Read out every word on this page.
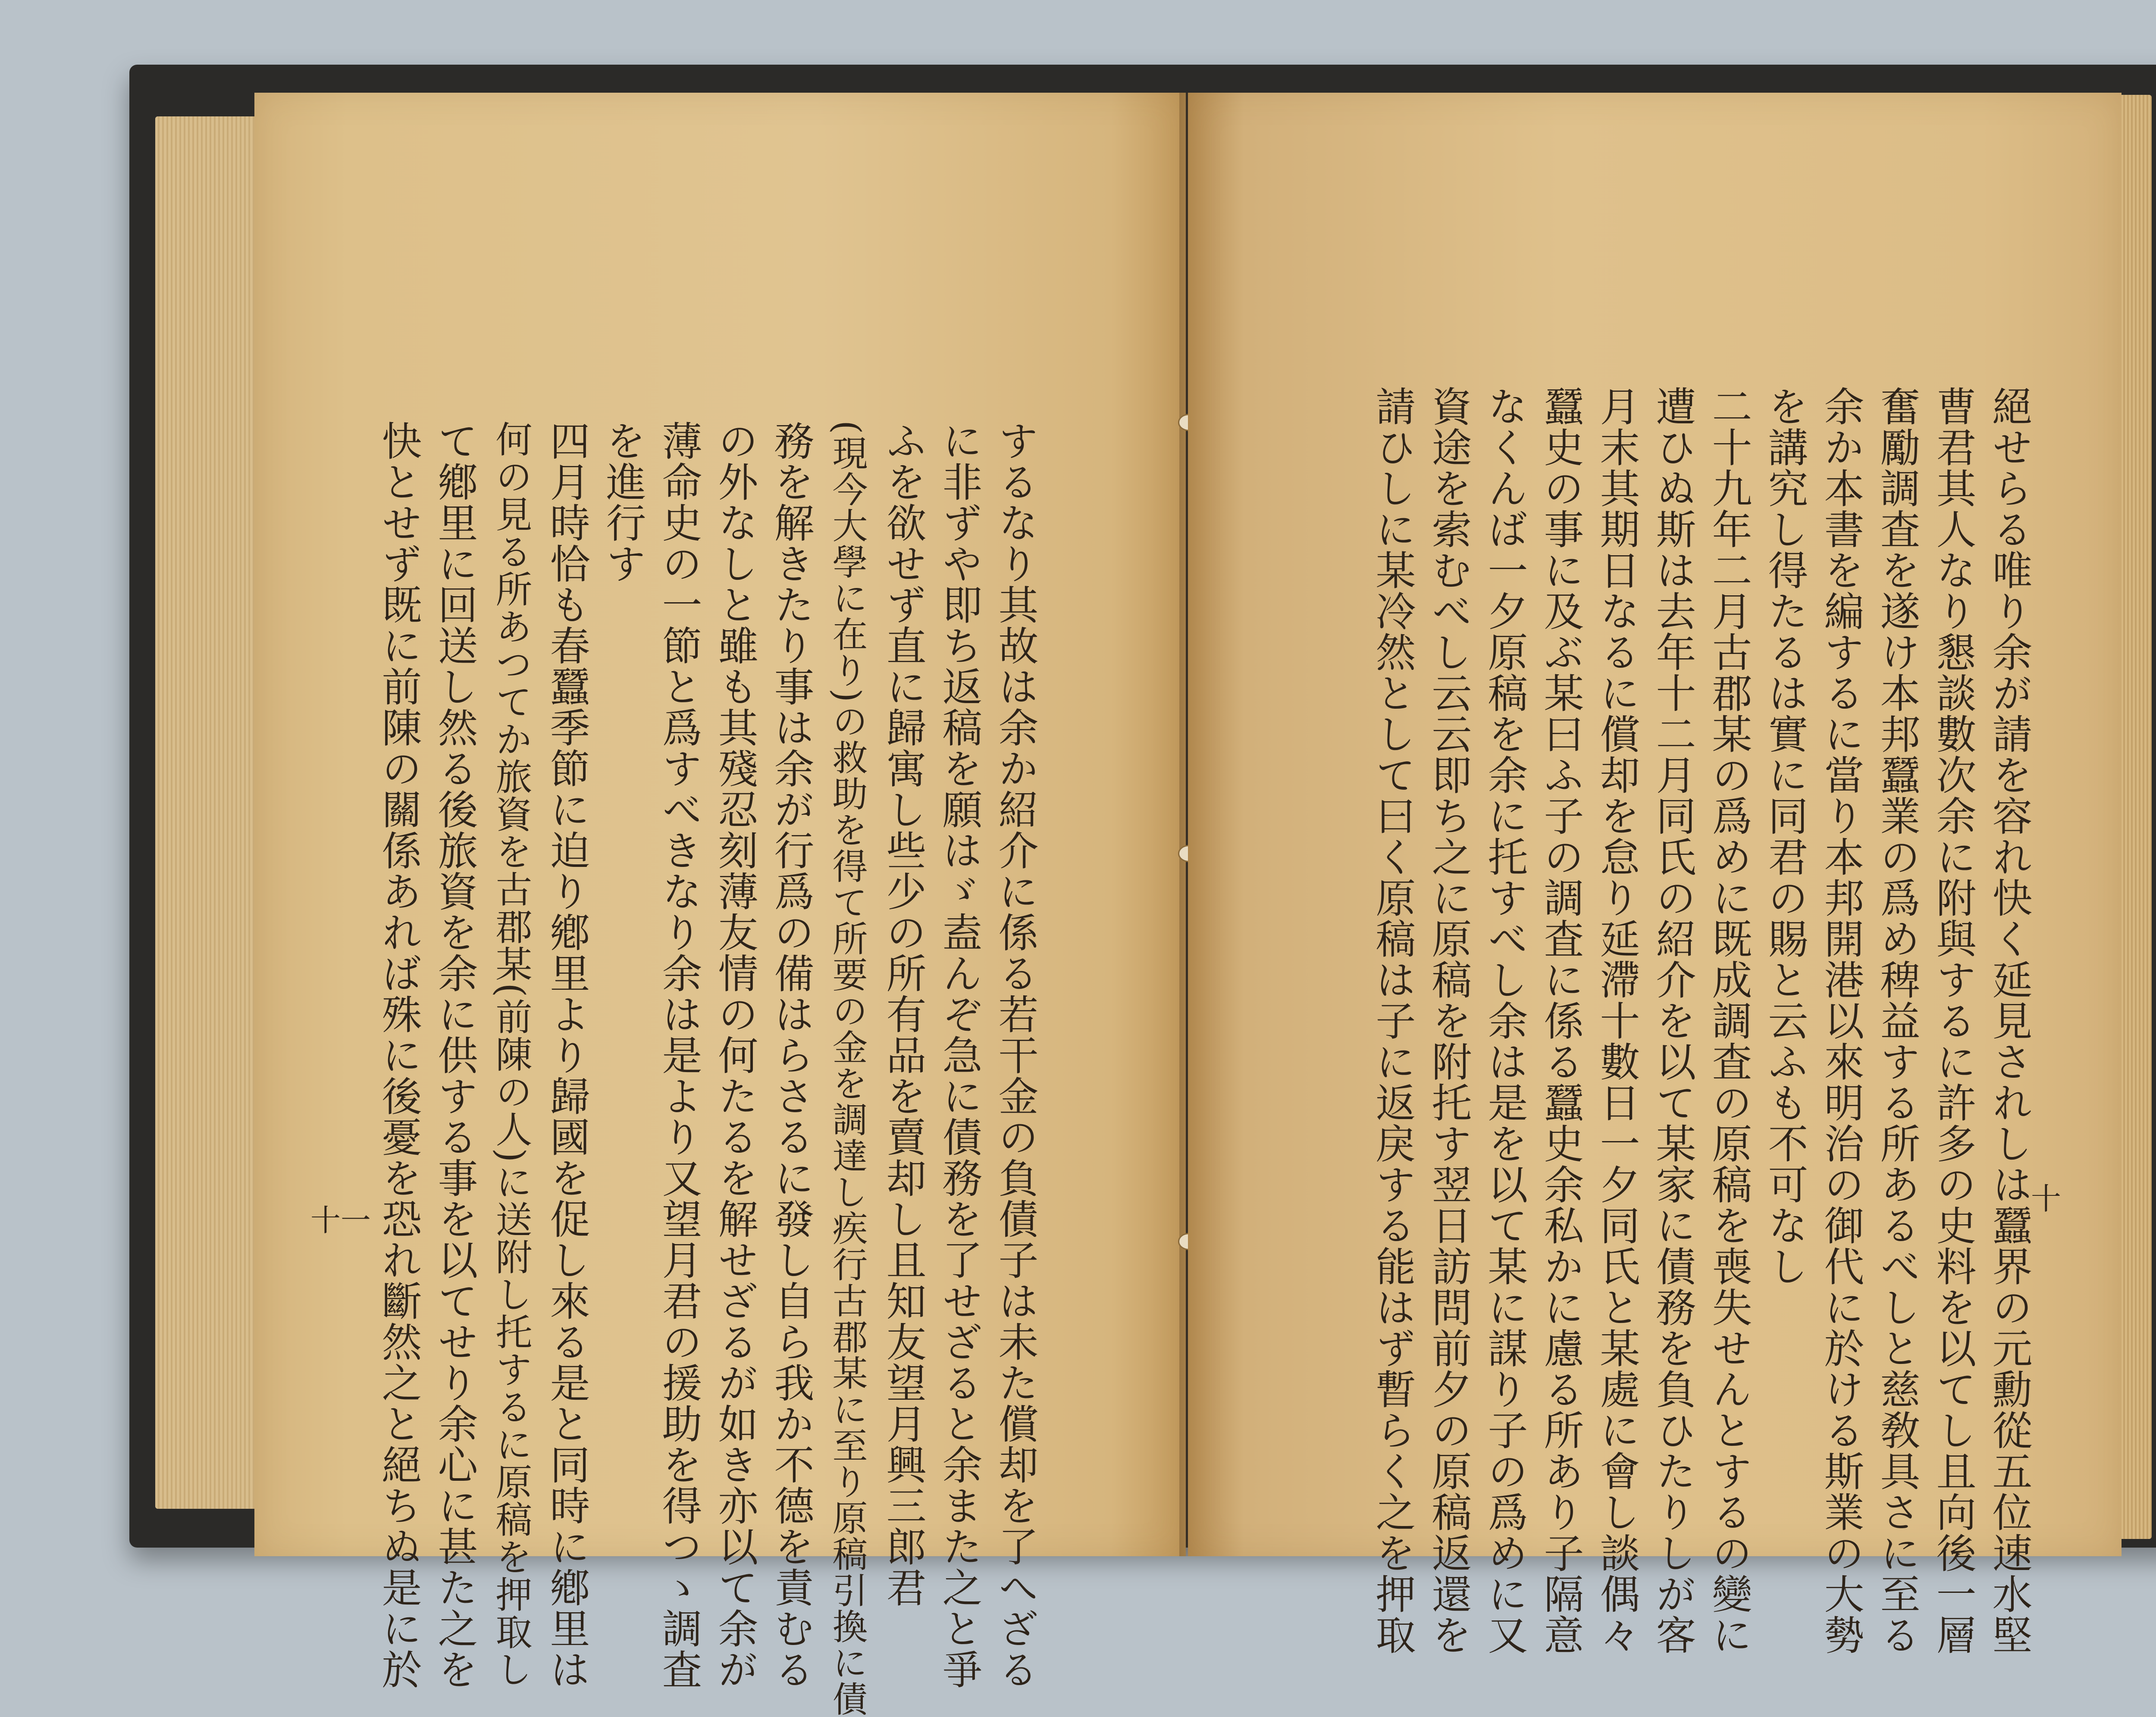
するなり其故は余か紹介に係る若干金の負債子は未た償却を了へざる
に非ずや即ち返稿を願はゞ盍んぞ急に債務を了せざると余また之と爭
ふを欲せず直に歸寓し些少の所有品を賣却し且知友望月興三郎君
(現今大學に在り)の救助を得て所要の金を調達し疾行古郡某に至り原稿引換に債
務を解きたり事は余が行爲の備はらさるに發し自ら我か不德を責むる
の外なしと雖も其殘忍刻薄友情の何たるを解せざるが如き亦以て余が
薄命史の一節と爲すべきなり余は是より又望月君の援助を得つゝ調査
を進行す
四月時恰も春蠶季節に迫り鄕里より歸國を促し來る是と同時に鄕里は
何の見る所あつてか旅資を古郡某(前陳の人)に送附し托するに原稿を押取し
て鄕里に回送し然る後旅資を余に供する事を以てせり余心に甚た之を
快とせず既に前陳の關係あれば殊に後憂を恐れ斷然之と絕ちぬ是に於
十一	絕せらる唯り余が請を容れ快く延見されしは蠶界の元勳從五位速水堅
曹君其人なり懇談數次余に附與するに許多の史料を以てし且向後一層
奮勵調査を遂け本邦蠶業の爲め稗益する所あるべしと慈敎具さに至る
余か本書を編するに當り本邦開港以來明治の御代に於ける斯業の大勢
を講究し得たるは實に同君の賜と云ふも不可なし
二十九年二月古郡某の爲めに既成調査の原稿を喪失せんとするの變に
遭ひぬ斯は去年十二月同氏の紹介を以て某家に債務を負ひたりしが客
月末其期日なるに償却を怠り延滯十數日一夕同氏と某處に會し談偶々
蠶史の事に及ぶ某曰ふ子の調査に係る蠶史余私かに慮る所あり子隔意
なくんば一夕原稿を余に托すべし余は是を以て某に謀り子の爲めに又
資途を索むべし云云即ち之に原稿を附托す翌日訪問前夕の原稿返還を
請ひしに某冷然として曰く原稿は子に返戾する能はず暫らく之を押取	十
